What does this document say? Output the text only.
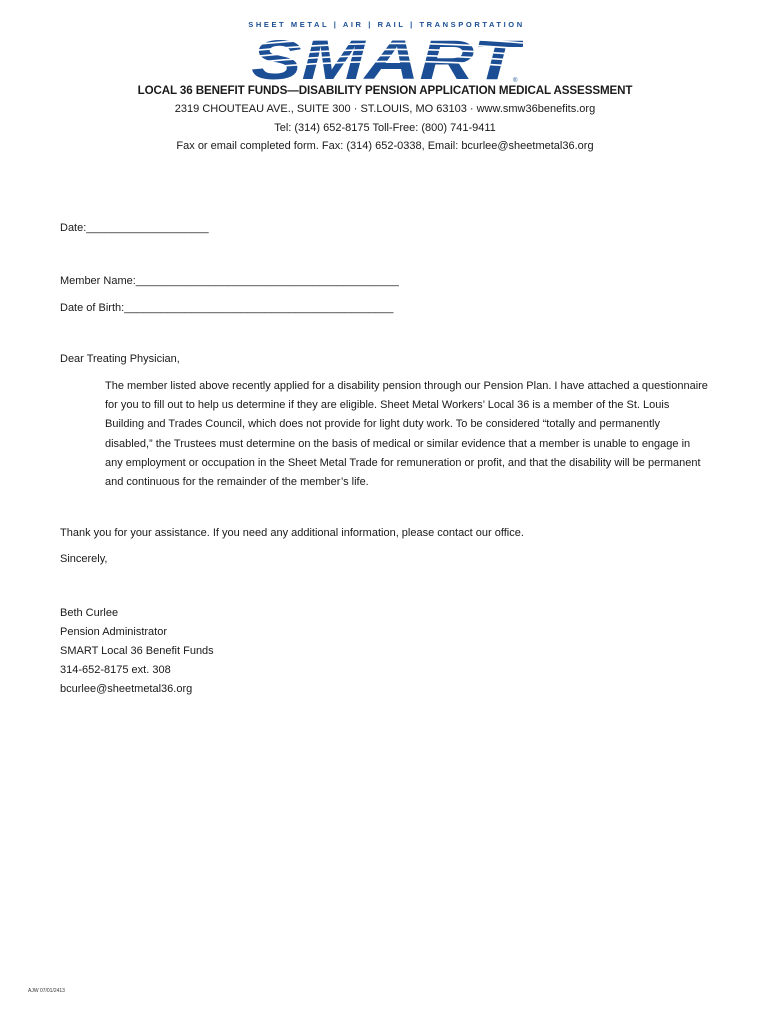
SHEET METAL | AIR | RAIL | TRANSPORTATION
®
LOCAL 36 BENEFIT FUNDS—DISABILITY PENSION APPLICATION MEDICAL ASSESSMENT
2319 CHOUTEAU AVE., SUITE 300 · ST.LOUIS, MO 63103 · www.smw36benefits.org
Tel: (314) 652-8175 Toll-Free: (800) 741-9411
Fax or email completed form. Fax: (314) 652-0338, Email: bcurlee@sheetmetal36.org
Date:____________________
Member Name:___________________________________________
Date of Birth:____________________________________________

Dear Treating Physician,

The member listed above recently applied for a disability pension through our Pension Plan. I have attached a questionnaire for you to fill out to help us determine if they are eligible. Sheet Metal Workers’ Local 36 is a member of the St. Louis Building and Trades Council, which does not provide for light duty work. To be considered “totally and permanently disabled,” the Trustees must determine on the basis of medical or similar evidence that a member is unable to engage in any employment or occupation in the Sheet Metal Trade for remuneration or profit, and that the disability will be permanent and continuous for the remainder of the member’s life.

Thank you for your assistance. If you need any additional information, please contact our office.

Sincerely,

Beth Curlee
Pension Administrator
SMART Local 36 Benefit Funds
314-652-8175 ext. 308
bcurlee@sheetmetal36.org
AJW 07/01/2413
